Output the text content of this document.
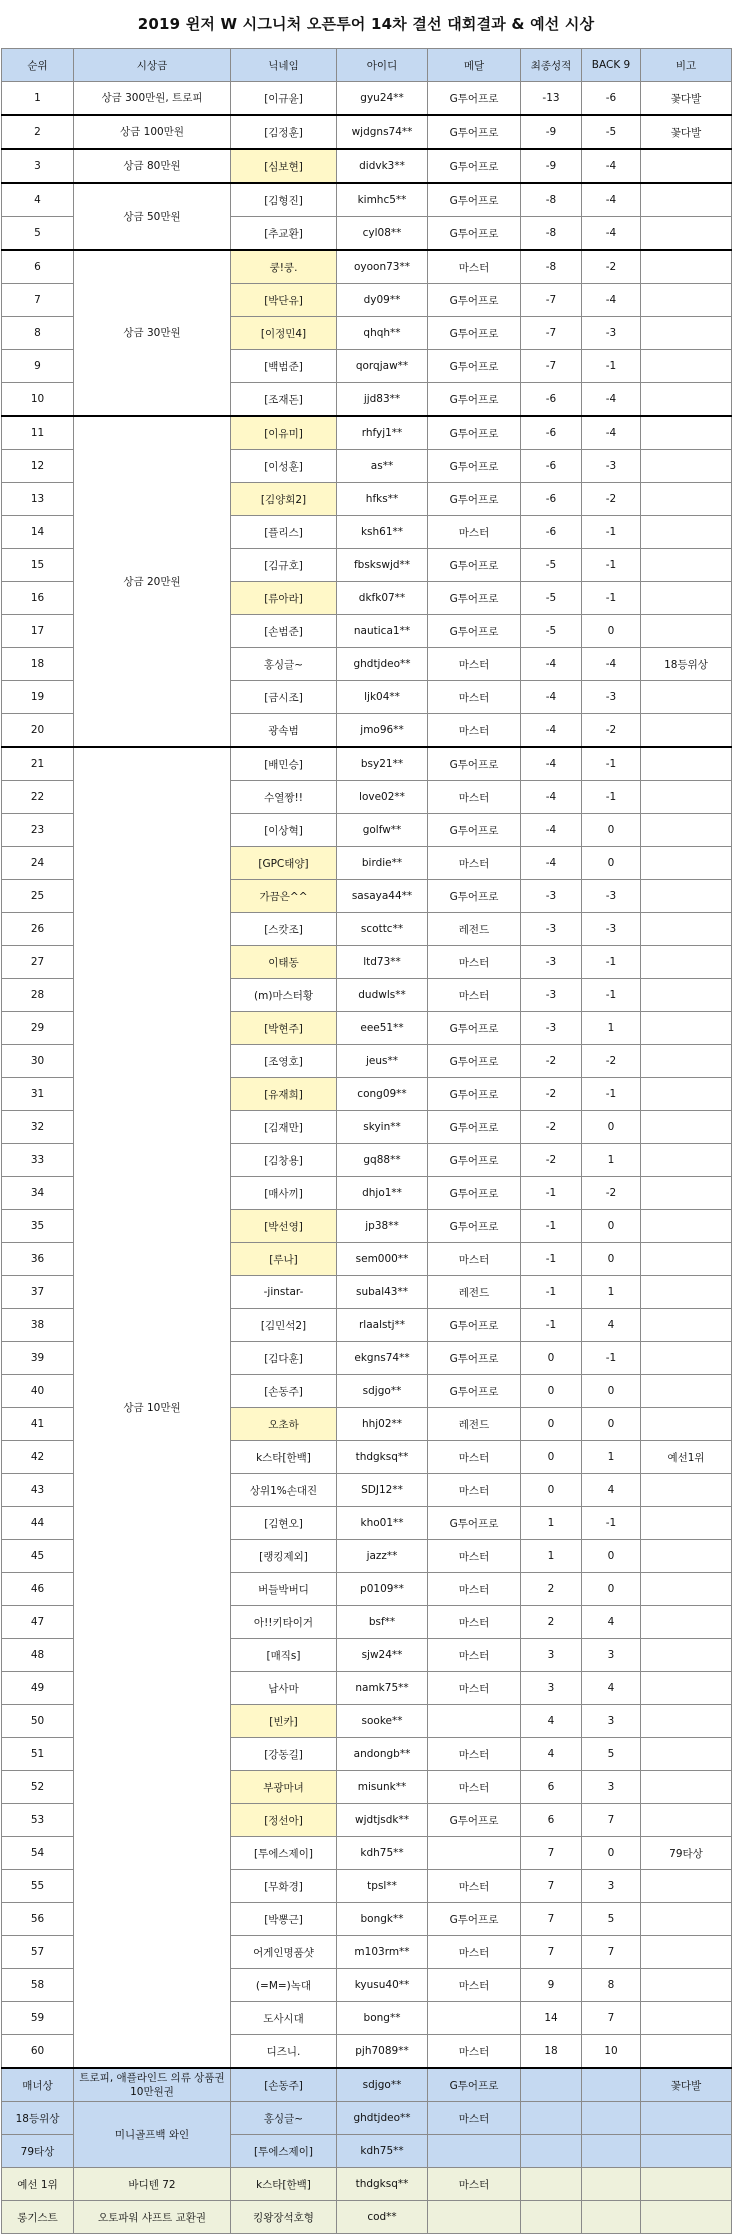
2019 윈저 W 시그니처 오픈투어 14차 결선 대회결과 & 예선 시상
순위	시상금	닉네임	아이디	메달	최종성적	BACK 9	비고
1	상금 300만원, 트로피	[이규윤]	gyu24**	G투어프로	-13	-6	꽃다발
2	상금 100만원	[김정훈]	wjdgns74**	G투어프로	-9	-5	꽃다발
3	상금 80만원	[심보현]	didvk3**	G투어프로	-9	-4	
4	상금 50만원	[김형진]	kimhc5**	G투어프로	-8	-4	
5		[추교환]	cyl08**	G투어프로	-8	-4	
6	상금 30만원	쿵!쿵.	oyoon73**	마스터	-8	-2	
7		[박단유]	dy09**	G투어프로	-7	-4	
8		[이정민4]	qhqh**	G투어프로	-7	-3	
9		[백범준]	qorqjaw**	G투어프로	-7	-1	
10		[조재돈]	jjd83**	G투어프로	-6	-4	
11	상금 20만원	[이유미]	rhfyj1**	G투어프로	-6	-4	
12		[이성훈]	as**	G투어프로	-6	-3	
13		[김양회2]	hfks**	G투어프로	-6	-2	
14		[플리스]	ksh61**	마스터	-6	-1	
15		[김규호]	fbskswjd**	G투어프로	-5	-1	
16		[류아라]	dkfk07**	G투어프로	-5	-1	
17		[손범준]	nautica1**	G투어프로	-5	0	
18		홍싱글~	ghdtjdeo**	마스터	-4	-4	18등위상
19		[금시조]	ljk04**	마스터	-4	-3	
20		광속범	jmo96**	마스터	-4	-2	
21	상금 10만원	[배민승]	bsy21**	G투어프로	-4	-1	
22		수열짱!!	love02**	마스터	-4	-1	
23		[이상혁]	golfw**	G투어프로	-4	0	
24		[GPC태양]	birdie**	마스터	-4	0	
25		가끔은^^	sasaya44**	G투어프로	-3	-3	
26		[스캇조]	scottc**	레전드	-3	-3	
27		이태동	ltd73**	마스터	-3	-1	
28		(m)마스터황	dudwls**	마스터	-3	-1	
29		[박현주]	eee51**	G투어프로	-3	1	
30		[조영호]	jeus**	G투어프로	-2	-2	
31		[유재희]	cong09**	G투어프로	-2	-1	
32		[김재만]	skyin**	G투어프로	-2	0	
33		[김창용]	gq88**	G투어프로	-2	1	
34		[매사끼]	dhjo1**	G투어프로	-1	-2	
35		[박선영]	jp38**	G투어프로	-1	0	
36		[루나]	sem000**	마스터	-1	0	
37		-jinstar-	subal43**	레전드	-1	1	
38		[김민석2]	rlaalstj**	G투어프로	-1	4	
39		[김다훈]	ekgns74**	G투어프로	0	-1	
40		[손동주]	sdjgo**	G투어프로	0	0	
41		오초하	hhj02**	레전드	0	0	
42		k스타[한백]	thdgksq**	마스터	0	1	예선1위
43		상위1%손대진	SDJ12**	마스터	0	4	
44		[김현오]	kho01**	G투어프로	1	-1	
45		[랭킹제외]	jazz**	마스터	1	0	
46		버들박버디	p0109**	마스터	2	0	
47		아!!키타이거	bsf**	마스터	2	4	
48		[매직s]	sjw24**	마스터	3	3	
49		남사마	namk75**	마스터	3	4	
50		[빈카]	sooke**		4	3	
51		[강동길]	andongb**	마스터	4	5	
52		부광마녀	misunk**	마스터	6	3	
53		[정선아]	wjdtjsdk**	G투어프로	6	7	
54		[투에스제이]	kdh75**		7	0	79타상
55		[무화경]	tpsl**	마스터	7	3	
56		[박뽕근]	bongk**	G투어프로	7	5	
57		어게인명품샷	m103rm**	마스터	7	7	
58		(=M=)녹대	kyusu40**	마스터	9	8	
59		도사시대	bong**		14	7	
60		디즈니.	pjh7089**	마스터	18	10	
매너상	트로피, 애플라인드 의류 상품권 10만원권	[손동주]	sdjgo**	G투어프로			꽃다발
18등위상	미니골프백 와인	홍싱글~	ghdtjdeo**	마스터			
79타상		[투에스제이]	kdh75**				
예선 1위	바디텐 72	k스타[한백]	thdgksq**	마스터			
롱기스트	오토파워 샤프트 교환권	킹왕장석호형	cod**				
